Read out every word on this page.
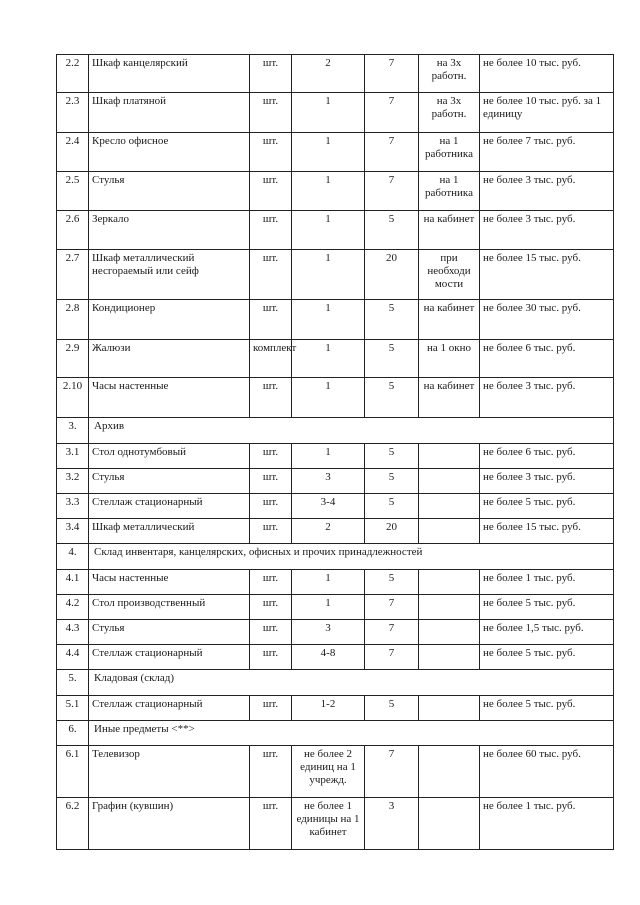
2.2	Шкаф канцелярский	шт.	2	7	на 3х работн.	не более 10 тыс. руб.
2.3	Шкаф платяной	шт.	1	7	на 3х работн.	не более 10 тыс. руб. за 1 единицу
2.4	Кресло офисное	шт.	1	7	на 1 работника	не более 7 тыс. руб.
2.5	Стулья	шт.	1	7	на 1 работника	не более 3 тыс. руб.
2.6	Зеркало	шт.	1	5	на кабинет	не более 3 тыс. руб.
2.7	Шкаф металлический несгораемый или сейф	шт.	1	20	при необходи мости	не более 15 тыс. руб.
2.8	Кондиционер	шт.	1	5	на кабинет	не более 30 тыс. руб.
2.9	Жалюзи	комплект	1	5	на 1 окно	не более 6 тыс. руб.
2.10	Часы настенные	шт.	1	5	на кабинет	не более 3 тыс. руб.
3.	Архив					
3.1	Стол однотумбовый	шт.	1	5		не более 6 тыс. руб.
3.2	Стулья	шт.	3	5		не более 3 тыс. руб.
3.3	Стеллаж стационарный	шт.	3-4	5		не более 5 тыс. руб.
3.4	Шкаф металлический	шт.	2	20		не более 15 тыс. руб.
4.	Склад инвентаря, канцелярских, офисных и прочих принадлежностей					
4.1	Часы настенные	шт.	1	5		не более 1 тыс. руб.
4.2	Стол производственный	шт.	1	7		не более 5 тыс. руб.
4.3	Стулья	шт.	3	7		не более 1,5 тыс. руб.
4.4	Стеллаж стационарный	шт.	4-8	7		не более 5 тыс. руб.
5.	Кладовая (склад)					
5.1	Стеллаж стационарный	шт.	1-2	5		не более 5 тыс. руб.
6.	Иные предметы <**>					
6.1	Телевизор	шт.	не более 2 единиц на 1 учрежд.	7		не более 60 тыс. руб.
6.2	Графин (кувшин)	шт.	не более 1 единицы на 1 кабинет	3		не более 1 тыс. руб.
